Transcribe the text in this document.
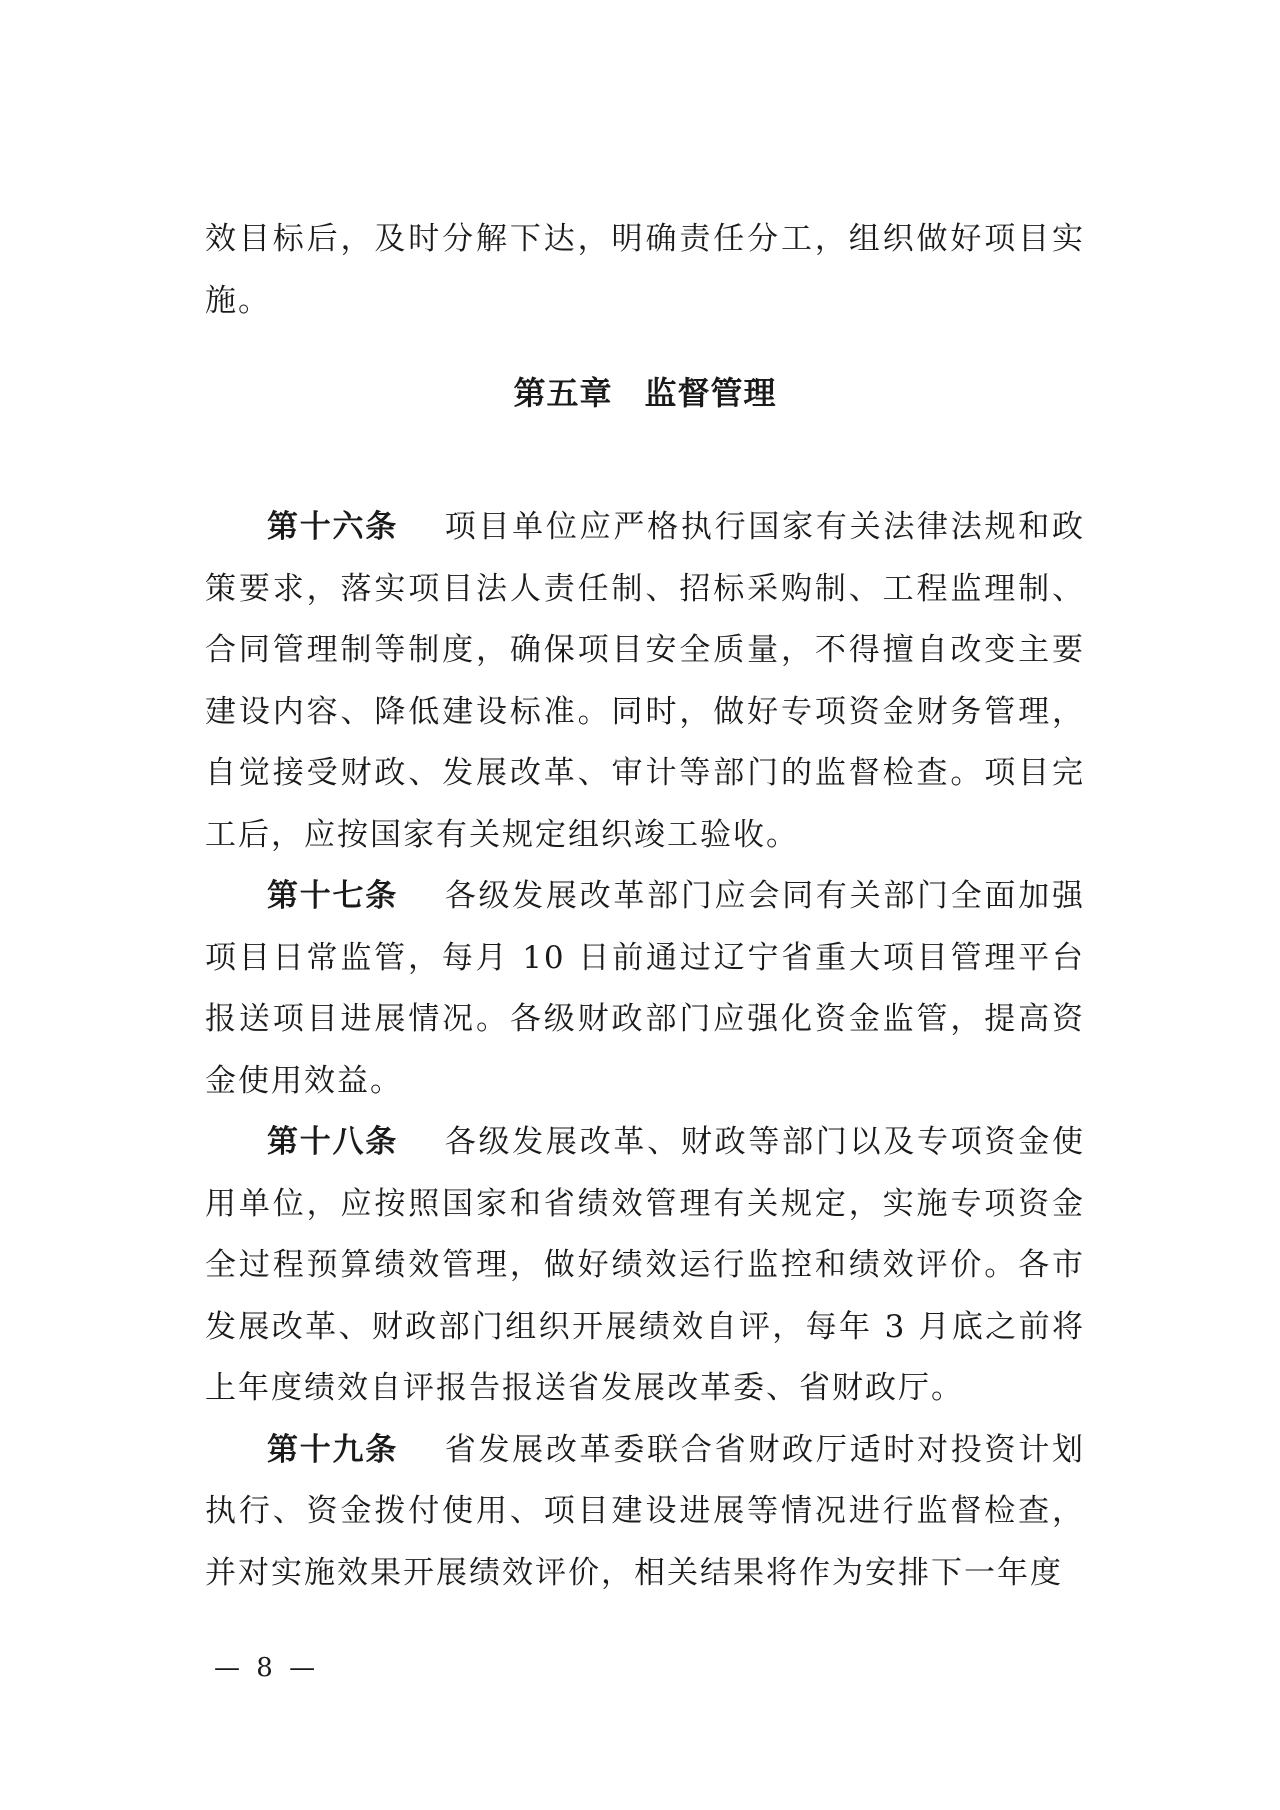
效目标后，及时分解下达，明确责任分工，组织做好项目实施。

第五章 监督管理

第十六条 项目单位应严格执行国家有关法律法规和政策要求，落实项目法人责任制、招标采购制、工程监理制、合同管理制等制度，确保项目安全质量，不得擅自改变主要建设内容、降低建设标准。同时，做好专项资金财务管理，自觉接受财政、发展改革、审计等部门的监督检查。项目完工后，应按国家有关规定组织竣工验收。

第十七条 各级发展改革部门应会同有关部门全面加强项目日常监管，每月 10 日前通过辽宁省重大项目管理平台报送项目进展情况。各级财政部门应强化资金监管，提高资金使用效益。

第十八条 各级发展改革、财政等部门以及专项资金使用单位，应按照国家和省绩效管理有关规定，实施专项资金全过程预算绩效管理，做好绩效运行监控和绩效评价。各市发展改革、财政部门组织开展绩效自评，每年 3 月底之前将上年度绩效自评报告报送省发展改革委、省财政厅。

第十九条 省发展改革委联合省财政厅适时对投资计划执行、资金拨付使用、项目建设进展等情况进行监督检查，并对实施效果开展绩效评价，相关结果将作为安排下一年度

— 8 —
